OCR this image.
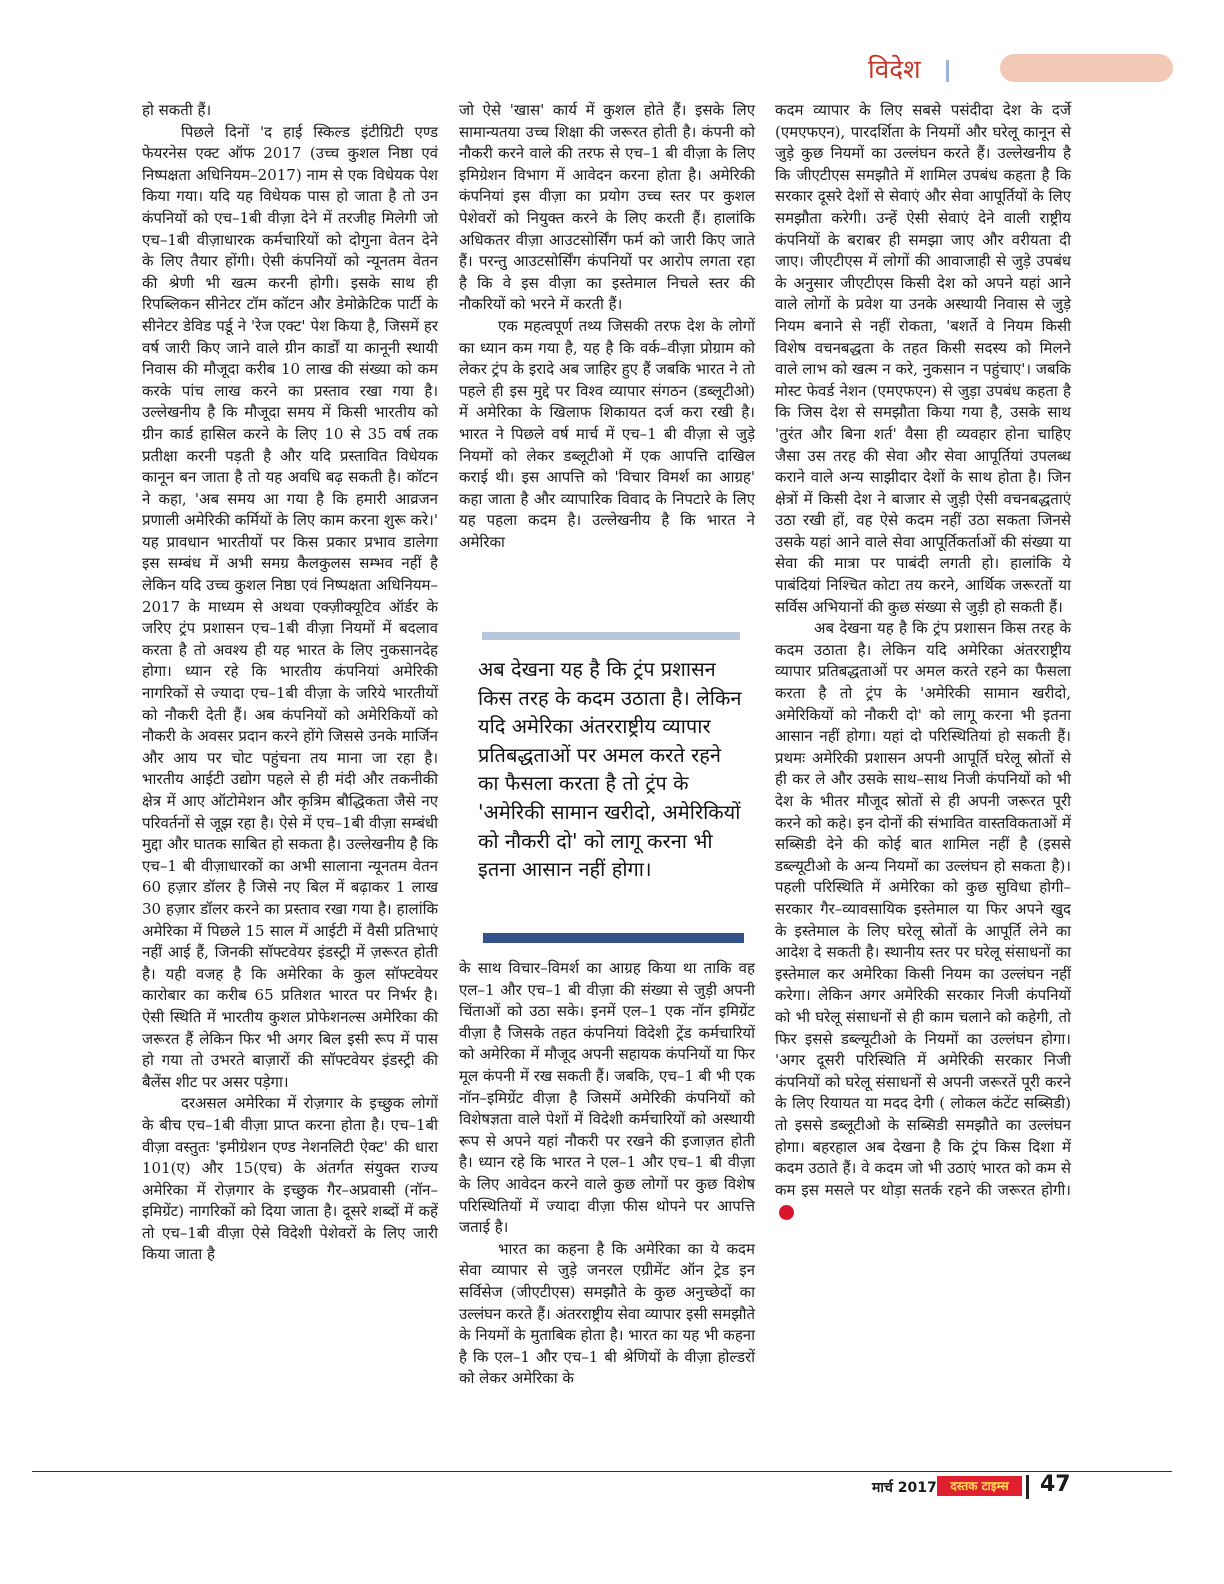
विदेश

हो सकती हैं।

पिछले दिनों 'द हाई स्किल्ड इंटीग्रिटी एण्ड फेयरनेस एक्ट ऑफ 2017 (उच्च कुशल निष्ठा एवं निष्पक्षता अधिनियम–2017) नाम से एक विधेयक पेश किया गया। यदि यह विधेयक पास हो जाता है तो उन कंपनियों को एच–1बी वीज़ा देने में तरजीह मिलेगी जो एच–1बी वीज़ाधारक कर्मचारियों को दोगुना वेतन देने के लिए तैयार होंगी। ऐसी कंपनियों को न्यूनतम वेतन की श्रेणी भी खत्म करनी होगी। इसके साथ ही रिपब्लिकन सीनेटर टॉम कॉटन और डेमोक्रेटिक पार्टी के सीनेटर डेविड पर्डू ने 'रेज एक्ट' पेश किया है, जिसमें हर वर्ष जारी किए जाने वाले ग्रीन कार्डों या कानूनी स्थायी निवास की मौजूदा करीब 10 लाख की संख्या को कम करके पांच लाख करने का प्रस्ताव रखा गया है। उल्लेखनीय है कि मौजूदा समय में किसी भारतीय को ग्रीन कार्ड हासिल करने के लिए 10 से 35 वर्ष तक प्रतीक्षा करनी पड़ती है और यदि प्रस्तावित विधेयक कानून बन जाता है तो यह अवधि बढ़ सकती है। कॉटन ने कहा, 'अब समय आ गया है कि हमारी आव्रजन प्रणाली अमेरिकी कर्मियों के लिए काम करना शुरू करे।' यह प्रावधान भारतीयों पर किस प्रकार प्रभाव डालेगा इस सम्बंध में अभी समग्र कैलकुलस सम्भव नहीं है लेकिन यदि उच्च कुशल निष्ठा एवं निष्पक्षता अधिनियम–2017 के माध्यम से अथवा एक्ज़ीक्यूटिव ऑर्डर के जरिए ट्रंप प्रशासन एच–1बी वीज़ा नियमों में बदलाव करता है तो अवश्य ही यह भारत के लिए नुकसानदेह होगा। ध्यान रहे कि भारतीय कंपनियां अमेरिकी नागरिकों से ज्यादा एच–1बी वीज़ा के जरिये भारतीयों को नौकरी देती हैं। अब कंपनियों को अमेरिकियों को नौकरी के अवसर प्रदान करने होंगे जिससे उनके मार्जिन और आय पर चोट पहुंचना तय माना जा रहा है। भारतीय आईटी उद्योग पहले से ही मंदी और तकनीकी क्षेत्र में आए ऑटोमेशन और कृत्रिम बौद्धिकता जैसे नए परिवर्तनों से जूझ रहा है। ऐसे में एच–1बी वीज़ा सम्बंधी मुद्दा और घातक साबित हो सकता है। उल्लेखनीय है कि एच–1 बी वीज़ाधारकों का अभी सालाना न्यूनतम वेतन 60 हज़ार डॉलर है जिसे नए बिल में बढ़ाकर 1 लाख 30 हज़ार डॉलर करने का प्रस्ताव रखा गया है। हालांकि अमेरिका में पिछले 15 साल में आईटी में वैसी प्रतिभाएं नहीं आई हैं, जिनकी सॉफ्टवेयर इंडस्ट्री में ज़रूरत होती है। यही वजह है कि अमेरिका के कुल सॉफ्टवेयर कारोबार का करीब 65 प्रतिशत भारत पर निर्भर है। ऐसी स्थिति में भारतीय कुशल प्रोफेशनल्स अमेरिका की जरूरत हैं लेकिन फिर भी अगर बिल इसी रूप में पास हो गया तो उभरते बाज़ारों की सॉफ्टवेयर इंडस्ट्री की बैलेंस शीट पर असर पड़ेगा।

दरअसल अमेरिका में रोज़गार के इच्छुक लोगों के बीच एच–1बी वीज़ा प्राप्त करना होता है। एच–1बी वीज़ा वस्तुतः 'इमीग्रेशन एण्ड नेशनलिटी ऐक्ट' की धारा 101(ए) और 15(एच) के अंतर्गत संयुक्त राज्य अमेरिका में रोज़गार के इच्छुक गैर–अप्रवासी (नॉन–इमिग्रेंट) नागरिकों को दिया जाता है। दूसरे शब्दों में कहें तो एच–1बी वीज़ा ऐसे विदेशी पेशेवरों के लिए जारी किया जाता है

जो ऐसे 'खास' कार्य में कुशल होते हैं। इसके लिए सामान्यतया उच्च शिक्षा की जरूरत होती है। कंपनी को नौकरी करने वाले की तरफ से एच–1 बी वीज़ा के लिए इमिग्रेशन विभाग में आवेदन करना होता है। अमेरिकी कंपनियां इस वीज़ा का प्रयोग उच्च स्तर पर कुशल पेशेवरों को नियुक्त करने के लिए करती हैं। हालांकि अधिकतर वीज़ा आउटसोर्सिंग फर्म को जारी किए जाते हैं। परन्तु आउटसोर्सिंग कंपनियों पर आरोप लगता रहा है कि वे इस वीज़ा का इस्तेमाल निचले स्तर की नौकरियों को भरने में करती हैं।

एक महत्वपूर्ण तथ्य जिसकी तरफ देश के लोगों का ध्यान कम गया है, यह है कि वर्क–वीज़ा प्रोग्राम को लेकर ट्रंप के इरादे अब जाहिर हुए हैं जबकि भारत ने तो पहले ही इस मुद्दे पर विश्व व्यापार संगठन (डब्लूटीओ) में अमेरिका के खिलाफ शिकायत दर्ज करा रखी है। भारत ने पिछले वर्ष मार्च में एच–1 बी वीज़ा से जुड़े नियमों को लेकर डब्लूटीओ में एक आपत्ति दाखिल कराई थी। इस आपत्ति को 'विचार विमर्श का आग्रह' कहा जाता है और व्यापारिक विवाद के निपटारे के लिए यह पहला कदम है। उल्लेखनीय है कि भारत ने अमेरिका

अब देखना यह है कि ट्रंप प्रशासन किस तरह के कदम उठाता है। लेकिन यदि अमेरिका अंतरराष्ट्रीय व्यापार प्रतिबद्धताओं पर अमल करते रहने का फैसला करता है तो ट्रंप के 'अमेरिकी सामान खरीदो, अमेरिकियों को नौकरी दो' को लागू करना भी इतना आसान नहीं होगा।

के साथ विचार–विमर्श का आग्रह किया था ताकि वह एल–1 और एच–1 बी वीज़ा की संख्या से जुड़ी अपनी चिंताओं को उठा सके। इनमें एल–1 एक नॉन इमिग्रेंट वीज़ा है जिसके तहत कंपनियां विदेशी ट्रेंड कर्मचारियों को अमेरिका में मौजूद अपनी सहायक कंपनियों या फिर मूल कंपनी में रख सकती हैं। जबकि, एच–1 बी भी एक नॉन–इमिग्रेंट वीज़ा है जिसमें अमेरिकी कंपनियों को विशेषज्ञता वाले पेशों में विदेशी कर्मचारियों को अस्थायी रूप से अपने यहां नौकरी पर रखने की इजाज़त होती है। ध्यान रहे कि भारत ने एल–1 और एच–1 बी वीज़ा के लिए आवेदन करने वाले कुछ लोगों पर कुछ विशेष परिस्थितियों में ज्यादा वीज़ा फीस थोपने पर आपत्ति जताई है।

भारत का कहना है कि अमेरिका का ये कदम सेवा व्यापार से जुड़े जनरल एग्रीमेंट ऑन ट्रेड इन सर्विसेज (जीएटीएस) समझौते के कुछ अनुच्छेदों का उल्लंघन करते हैं। अंतरराष्ट्रीय सेवा व्यापार इसी समझौते के नियमों के मुताबिक होता है। भारत का यह भी कहना है कि एल–1 और एच–1 बी श्रेणियों के वीज़ा होल्डरों को लेकर अमेरिका के

कदम व्यापार के लिए सबसे पसंदीदा देश के दर्जे (एमएफएन), पारदर्शिता के नियमों और घरेलू कानून से जुड़े कुछ नियमों का उल्लंघन करते हैं। उल्लेखनीय है कि जीएटीएस समझौते में शामिल उपबंध कहता है कि सरकार दूसरे देशों से सेवाएं और सेवा आपूर्तियों के लिए समझौता करेगी। उन्हें ऐसी सेवाएं देने वाली राष्ट्रीय कंपनियों के बराबर ही समझा जाए और वरीयता दी जाए। जीएटीएस में लोगों की आवाजाही से जुड़े उपबंध के अनुसार जीएटीएस किसी देश को अपने यहां आने वाले लोगों के प्रवेश या उनके अस्थायी निवास से जुड़े नियम बनाने से नहीं रोकता, 'बशर्ते वे नियम किसी विशेष वचनबद्धता के तहत किसी सदस्य को मिलने वाले लाभ को खत्म न करे, नुकसान न पहुंचाए'। जबकि मोस्ट फेवर्ड नेशन (एमएफएन) से जुड़ा उपबंध कहता है कि जिस देश से समझौता किया गया है, उसके साथ 'तुरंत और बिना शर्त' वैसा ही व्यवहार होना चाहिए जैसा उस तरह की सेवा और सेवा आपूर्तियां उपलब्ध कराने वाले अन्य साझीदार देशों के साथ होता है। जिन क्षेत्रों में किसी देश ने बाजार से जुड़ी ऐसी वचनबद्धताएं उठा रखी हों, वह ऐसे कदम नहीं उठा सकता जिनसे उसके यहां आने वाले सेवा आपूर्तिकर्ताओं की संख्या या सेवा की मात्रा पर पाबंदी लगती हो। हालांकि ये पाबंदियां निश्चित कोटा तय करने, आर्थिक जरूरतों या सर्विस अभियानों की कुछ संख्या से जुड़ी हो सकती हैं।

अब देखना यह है कि ट्रंप प्रशासन किस तरह के कदम उठाता है। लेकिन यदि अमेरिका अंतरराष्ट्रीय व्यापार प्रतिबद्धताओं पर अमल करते रहने का फैसला करता है तो ट्रंप के 'अमेरिकी सामान खरीदो, अमेरिकियों को नौकरी दो' को लागू करना भी इतना आसान नहीं होगा। यहां दो परिस्थितियां हो सकती हैं। प्रथमः अमेरिकी प्रशासन अपनी आपूर्ति घरेलू स्रोतों से ही कर ले और उसके साथ–साथ निजी कंपनियों को भी देश के भीतर मौजूद स्रोतों से ही अपनी जरूरत पूरी करने को कहे। इन दोनों की संभावित वास्तविकताओं में सब्सिडी देने की कोई बात शामिल नहीं है (इससे डब्ल्यूटीओ के अन्य नियमों का उल्लंघन हो सकता है)। पहली परिस्थिति में अमेरिका को कुछ सुविधा होगी–सरकार गैर–व्यावसायिक इस्तेमाल या फिर अपने खुद के इस्तेमाल के लिए घरेलू स्रोतों के आपूर्ति लेने का आदेश दे सकती है। स्थानीय स्तर पर घरेलू संसाधनों का इस्तेमाल कर अमेरिका किसी नियम का उल्लंघन नहीं करेगा। लेकिन अगर अमेरिकी सरकार निजी कंपनियों को भी घरेलू संसाधनों से ही काम चलाने को कहेगी, तो फिर इससे डब्ल्यूटीओ के नियमों का उल्लंघन होगा। 'अगर दूसरी परिस्थिति में अमेरिकी सरकार निजी कंपनियों को घरेलू संसाधनों से अपनी जरूरतें पूरी करने के लिए रियायत या मदद देगी ( लोकल कंटेंट सब्सिडी) तो इससे डब्लूटीओ के सब्सिडी समझौते का उल्लंघन होगा। बहरहाल अब देखना है कि ट्रंप किस दिशा में कदम उठाते हैं। वे कदम जो भी उठाएं भारत को कम से कम इस मसले पर थोड़ा सतर्क रहने की जरूरत होगी।

मार्च 2017	दस्तक टाइम्स	47
